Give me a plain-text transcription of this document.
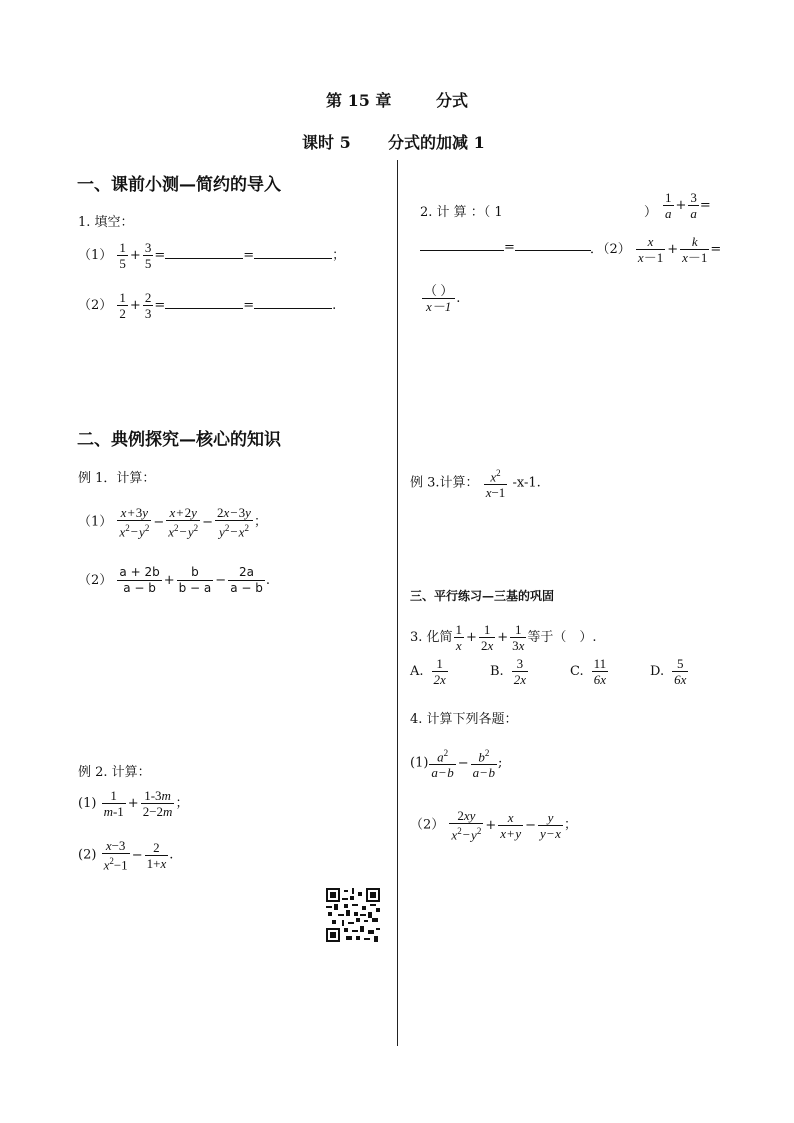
第 15 章	分式
课时 5 分式的加减 1
一、课前小测—简约的导入
1. 填空：
$(1) \frac{1}{5} + \frac{3}{5}$ =	=	；
$(2) \frac{1}{2} + \frac{2}{3}$ =	=	.
2. 计 算 ：（ 1	） $\frac{1}{a} + \frac{3}{a}$ =
=	．$(2) \frac{x}{x-1} + \frac{k}{x-1}$ =
$\frac{( )}{x-1}$ .
二、典例探究—核心的知识
例 1．计算：
$(1) \frac{x+3y}{x^2-y^2} - \frac{x+2y}{x^2-y^2} - \frac{2x-3y}{y^2-x^2}$ ；
$(2) \frac{a + 2b}{a - b} + \frac{b}{b - a} - \frac{2a}{a - b}$ .
例 2. 计算：
$(1) \frac{1}{m-1} + \frac{1-3m}{2-2m}$ ；
$(2) \frac{x-3}{x^2-1} - \frac{2}{1+x}$ .
例 3.计算： $\frac{x^2}{x-1} -x-1$.
三、平行练习—三基的巩固
3. 化简 $\frac{1}{x} + \frac{1}{2x} + \frac{1}{3x}$ 等于（　）.
A. $\frac{1}{2x}$	B. $\frac{3}{2x}$	C. $\frac{11}{6x}$	D. $\frac{5}{6x}$
4. 计算下列各题：
$(1) \frac{a^2}{a-b} - \frac{b^2}{a-b}$ ;
$(2) \frac{2xy}{x^2-y^2} + \frac{x}{x+y} - \frac{y}{y-x}$ ；
